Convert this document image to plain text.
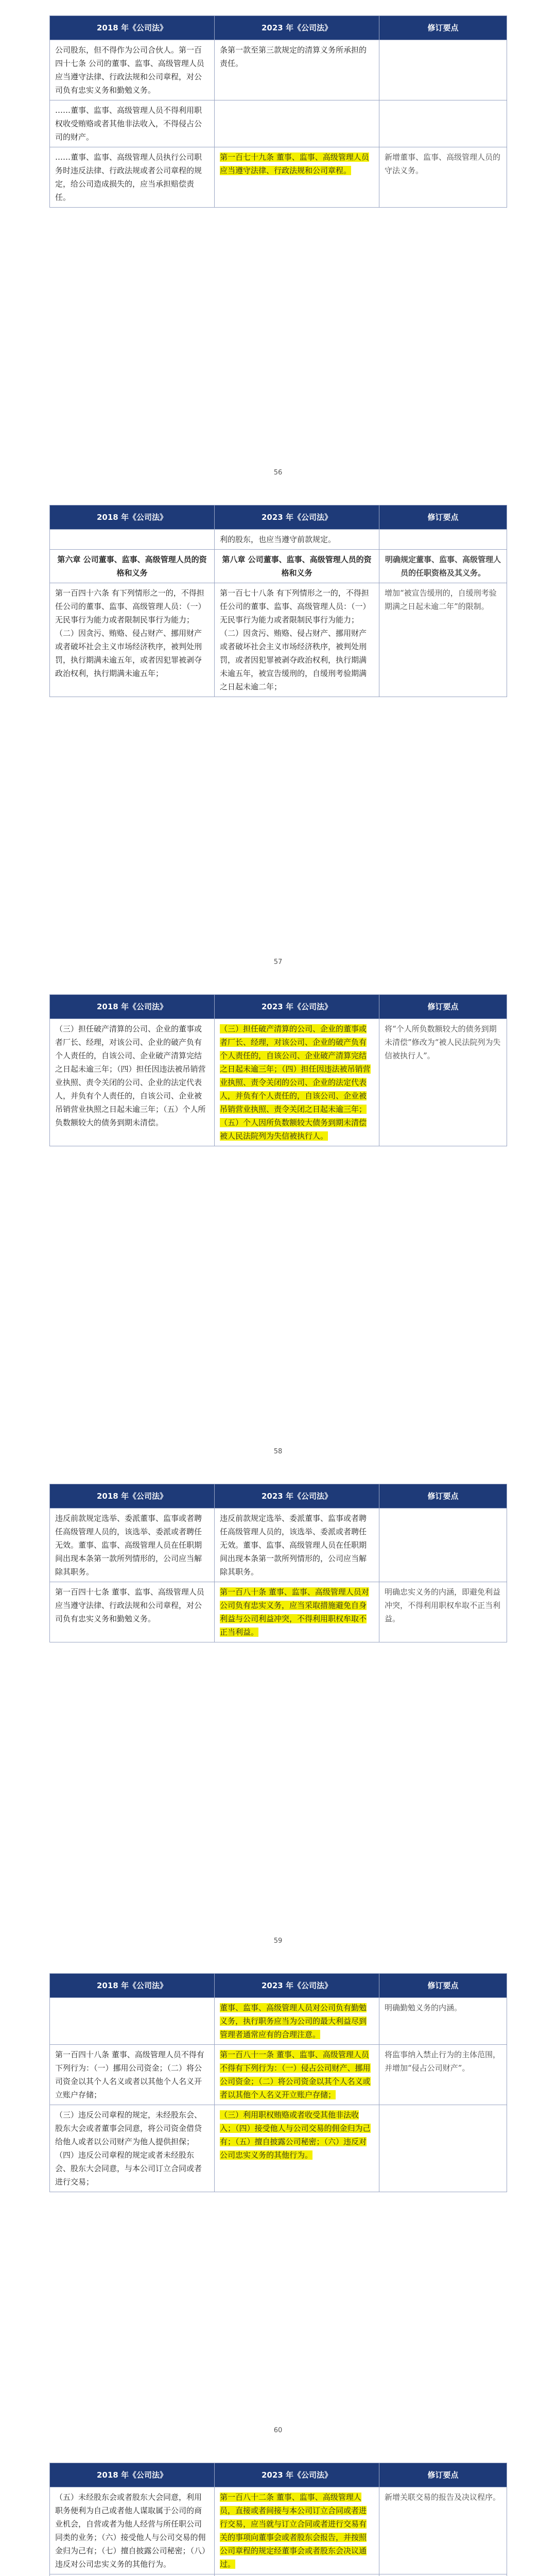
2018 年《公司法》	2023 年《公司法》	修订要点
公司股东，但不得作为公司合伙人。第一百四十七条 公司的董事、监事、高级管理人员应当遵守法律、行政法规和公司章程，对公司负有忠实义务和勤勉义务。	条第一款至第三款规定的清算义务所承担的责任。	
……董事、监事、高级管理人员不得利用职权收受贿赂或者其他非法收入，不得侵占公司的财产。		
……董事、监事、高级管理人员执行公司职务时违反法律、行政法规或者公司章程的规定，给公司造成损失的，应当承担赔偿责任。	第一百七十九条 董事、监事、高级管理人员应当遵守法律、行政法规和公司章程。	新增董事、监事、高级管理人员的守法义务。
56
2018 年《公司法》	2023 年《公司法》	修订要点
	利的股东，也应当遵守前款规定。	
第六章 公司董事、监事、高级管理人员的资格和义务	第八章 公司董事、监事、高级管理人员的资格和义务	明确规定董事、监事、高级管理人员的任职资格及其义务。
第一百四十六条 有下列情形之一的，不得担任公司的董事、监事、高级管理人员：（一）无民事行为能力或者限制民事行为能力；（二）因贪污、贿赂、侵占财产、挪用财产或者破坏社会主义市场经济秩序，被判处刑罚，执行期满未逾五年，或者因犯罪被剥夺政治权利，执行期满未逾五年；	第一百七十八条 有下列情形之一的，不得担任公司的董事、监事、高级管理人员：（一）无民事行为能力或者限制民事行为能力；（二）因贪污、贿赂、侵占财产、挪用财产或者破坏社会主义市场经济秩序，被判处刑罚，或者因犯罪被剥夺政治权利，执行期满未逾五年，被宣告缓刑的，自缓刑考验期满之日起未逾二年；	增加“被宣告缓刑的，自缓刑考验期满之日起未逾二年”的限制。
57
2018 年《公司法》	2023 年《公司法》	修订要点
（三）担任破产清算的公司、企业的董事或者厂长、经理，对该公司、企业的破产负有个人责任的，自该公司、企业破产清算完结之日起未逾三年；（四）担任因违法被吊销营业执照、责令关闭的公司、企业的法定代表人，并负有个人责任的，自该公司、企业被吊销营业执照之日起未逾三年；（五）个人所负数额较大的债务到期未清偿。	（三）担任破产清算的公司、企业的董事或者厂长、经理，对该公司、企业的破产负有个人责任的，自该公司、企业破产清算完结之日起未逾三年；（四）担任因违法被吊销营业执照、责令关闭的公司、企业的法定代表人，并负有个人责任的，自该公司、企业被吊销营业执照、责令关闭之日起未逾三年；（五）个人因所负数额较大债务到期未清偿被人民法院列为失信被执行人。	将“个人所负数额较大的债务到期未清偿”修改为“被人民法院列为失信被执行人”。
58
2018 年《公司法》	2023 年《公司法》	修订要点
违反前款规定选举、委派董事、监事或者聘任高级管理人员的，该选举、委派或者聘任无效。董事、监事、高级管理人员在任职期间出现本条第一款所列情形的，公司应当解除其职务。	违反前款规定选举、委派董事、监事或者聘任高级管理人员的，该选举、委派或者聘任无效。董事、监事、高级管理人员在任职期间出现本条第一款所列情形的，公司应当解除其职务。	
第一百四十七条 董事、监事、高级管理人员应当遵守法律、行政法规和公司章程，对公司负有忠实义务和勤勉义务。	第一百八十条 董事、监事、高级管理人员对公司负有忠实义务，应当采取措施避免自身利益与公司利益冲突，不得利用职权牟取不正当利益。	明确忠实义务的内涵，即避免利益冲突，不得利用职权牟取不正当利益。
59
2018 年《公司法》	2023 年《公司法》	修订要点
	董事、监事、高级管理人员对公司负有勤勉义务，执行职务应当为公司的最大利益尽到管理者通常应有的合理注意。	明确勤勉义务的内涵。
第一百四十八条 董事、高级管理人员不得有下列行为：（一）挪用公司资金；（二）将公司资金以其个人名义或者以其他个人名义开立账户存储；	第一百八十一条 董事、监事、高级管理人员不得有下列行为：（一）侵占公司财产、挪用公司资金；（二）将公司资金以其个人名义或者以其他个人名义开立账户存储；	将监事纳入禁止行为的主体范围，并增加“侵占公司财产”。
（三）违反公司章程的规定，未经股东会、股东大会或者董事会同意，将公司资金借贷给他人或者以公司财产为他人提供担保；（四）违反公司章程的规定或者未经股东会、股东大会同意，与本公司订立合同或者进行交易；	（三）利用职权贿赂或者收受其他非法收入；（四）接受他人与公司交易的佣金归为己有；（五）擅自披露公司秘密；（六）违反对公司忠实义务的其他行为。	
60
2018 年《公司法》	2023 年《公司法》	修订要点
（五）未经股东会或者股东大会同意，利用职务便利为自己或者他人谋取属于公司的商业机会，自营或者为他人经营与所任职公司同类的业务；（六）接受他人与公司交易的佣金归为己有；（七）擅自披露公司秘密；（八）违反对公司忠实义务的其他行为。	第一百八十二条 董事、监事、高级管理人员，直接或者间接与本公司订立合同或者进行交易，应当就与订立合同或者进行交易有关的事项向董事会或者股东会报告，并按照公司章程的规定经董事会或者股东会决议通过。	新增关联交易的报告及决议程序。
